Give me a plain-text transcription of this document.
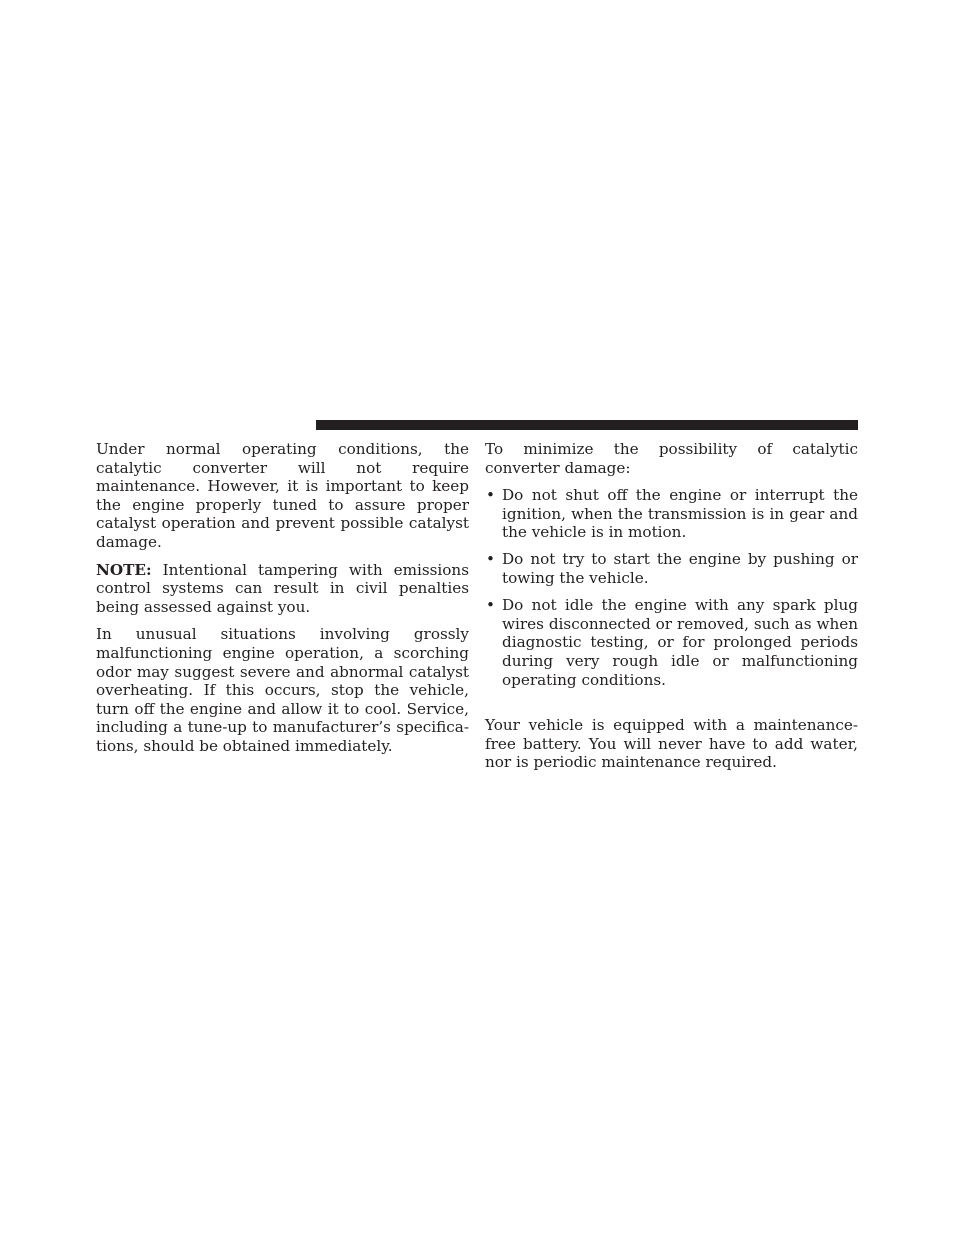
Under normal operating conditions, the catalytic converter will not require maintenance. However, it is important to keep the engine properly tuned to assure proper catalyst operation and prevent possible catalyst damage.

NOTE: Intentional tampering with emissions control systems can result in civil penalties being assessed against you.

In unusual situations involving grossly malfunctioning engine operation, a scorching odor may suggest severe and abnormal catalyst overheating. If this occurs, stop the vehicle, turn off the engine and allow it to cool. Service, including a tune-up to manufacturer’s specifications, should be obtained immediately.

To minimize the possibility of catalytic converter damage:

• Do not shut off the engine or interrupt the ignition, when the transmission is in gear and the vehicle is in motion.
• Do not try to start the engine by pushing or towing the vehicle.
• Do not idle the engine with any spark plug wires disconnected or removed, such as when diagnostic testing, or for prolonged periods during very rough idle or malfunctioning operating conditions.

Your vehicle is equipped with a maintenance-free battery. You will never have to add water, nor is periodic maintenance required.
